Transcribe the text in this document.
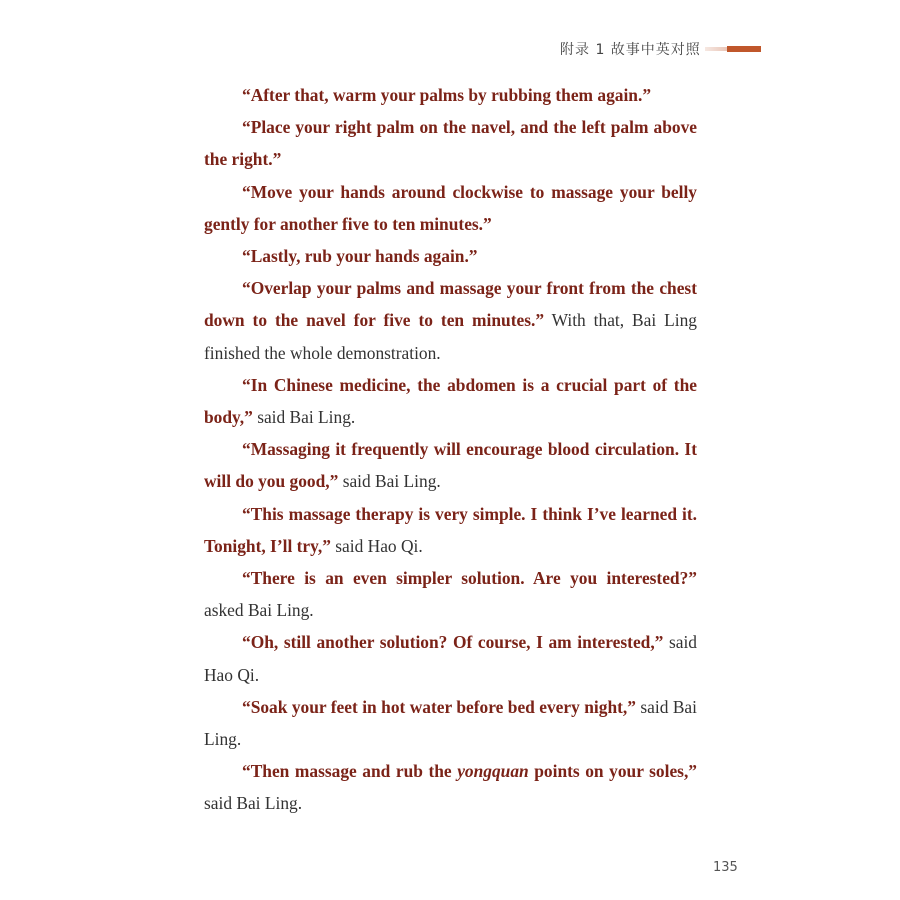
附录 1 故事中英对照

“After that, warm your palms by rubbing them again.”

“Place your right palm on the navel, and the left palm above the right.”

“Move your hands around clockwise to massage your belly gently for another five to ten minutes.”

“Lastly, rub your hands again.”

“Overlap your palms and massage your front from the chest down to the navel for five to ten minutes.” With that, Bai Ling finished the whole demonstration.

“In Chinese medicine, the abdomen is a crucial part of the body,” said Bai Ling.

“Massaging it frequently will encourage blood circulation. It will do you good,” said Bai Ling.

“This massage therapy is very simple. I think I’ve learned it. Tonight, I’ll try,” said Hao Qi.

“There is an even simpler solution. Are you interested?” asked Bai Ling.

“Oh, still another solution? Of course, I am interested,” said Hao Qi.

“Soak your feet in hot water before bed every night,” said Bai Ling.

“Then massage and rub the yongquan points on your soles,” said Bai Ling.

135
